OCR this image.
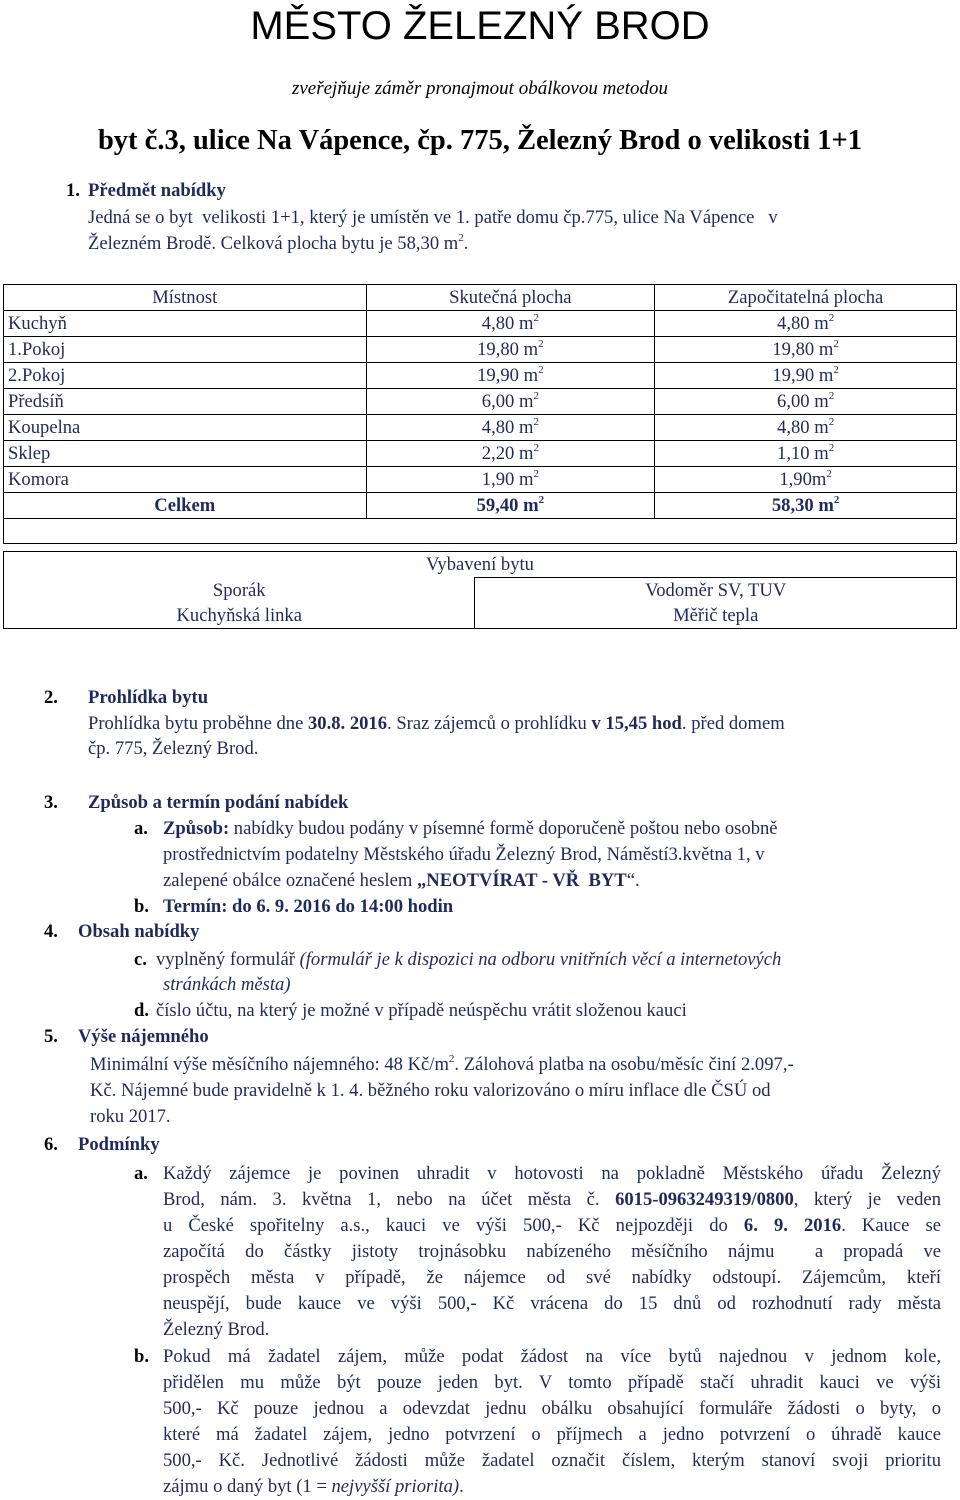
MĚSTO ŽELEZNÝ BROD
zveřejňuje záměr pronajmout obálkovou metodou
byt č.3, ulice Na Vápence, čp. 775, Železný Brod o velikosti 1+1
1. Předmět nabídky
Jedná se o byt  velikosti 1+1, který je umístěn ve 1. patře domu čp.775, ulice Na Vápence   v
Železném Brodě. Celková plocha bytu je 58,30 $m^2$.
Místnost	Skutečná plocha	Započitatelná plocha
Kuchyň	4,80 $m^2$	4,80 $m^2$
1.Pokoj	19,80 $m^2$	19,80 $m^2$
2.Pokoj	19,90 $m^2$	19,90 $m^2$
Předsíň	6,00 $m^2$	6,00 $m^2$
Koupelna	4,80 $m^2$	4,80 $m^2$
Sklep	2,20 $m^2$	1,10 $m^2$
Komora	1,90 $m^2$	$1,90m^2$
Celkem	59,40 $m^2$	58,30 $m^2$

Vybavení bytu	
Sporák	Vodoměr SV, TUV
Kuchyňská linka	Měřič tepla
2. Prohlídka bytu
Prohlídka bytu proběhne dne 30.8. 2016. Sraz zájemců o prohlídku v 15,45 hod. před domem
čp. 775, Železný Brod.
3. Způsob a termín podání nabídek
a. Způsob: nabídky budou podány v písemné formě doporučeně poštou nebo osobně
prostřednictvím podatelny Městského úřadu Železný Brod, Náměstí3.května 1, v
zalepené obálce označené heslem „NEOTVÍRAT - VŘ  BYT“.
b. Termín: do 6. 9. 2016 do 14:00 hodin
4. Obsah nabídky
c. vyplněný formulář (formulář je k dispozici na odboru vnitřních věcí a internetových
stránkách města)
d. číslo účtu, na který je možné v případě neúspěchu vrátit složenou kauci
5. Výše nájemného
Minimální výše měsíčního nájemného: 48 $Kč/m^2$. Zálohová platba na osobu/měsíc činí 2.097,-
Kč. Nájemné bude pravidelně k 1. 4. běžného roku valorizováno o míru inflace dle ČSÚ od
roku 2017.
6. Podmínky
a. Každý zájemce je povinen uhradit v hotovosti na pokladně Městského úřadu Železný
Brod, nám. 3. května 1, nebo na účet města č. 6015-0963249319/0800, který je veden
u České spořitelny a.s., kauci ve výši 500,- Kč nejpozději do 6. 9. 2016. Kauce se
započítá do částky jistoty trojnásobku nabízeného měsíčního nájmu  a propadá ve
prospěch města v případě, že nájemce od své nabídky odstoupí. Zájemcům, kteří
neuspějí, bude kauce ve výši 500,- Kč vrácena do 15 dnů od rozhodnutí rady města
Železný Brod.
b. Pokud má žadatel zájem, může podat žádost na více bytů najednou v jednom kole,
přidělen mu může být pouze jeden byt. V tomto případě stačí uhradit kauci ve výši
500,- Kč pouze jednou a odevzdat jednu obálku obsahující formuláře žádosti o byty, o
které má žadatel zájem, jedno potvrzení o příjmech a jedno potvrzení o úhradě kauce
500,- Kč. Jednotlivé žádosti může žadatel označit číslem, kterým stanoví svoji prioritu
zájmu o daný byt (1 = nejvyšší priorita).
